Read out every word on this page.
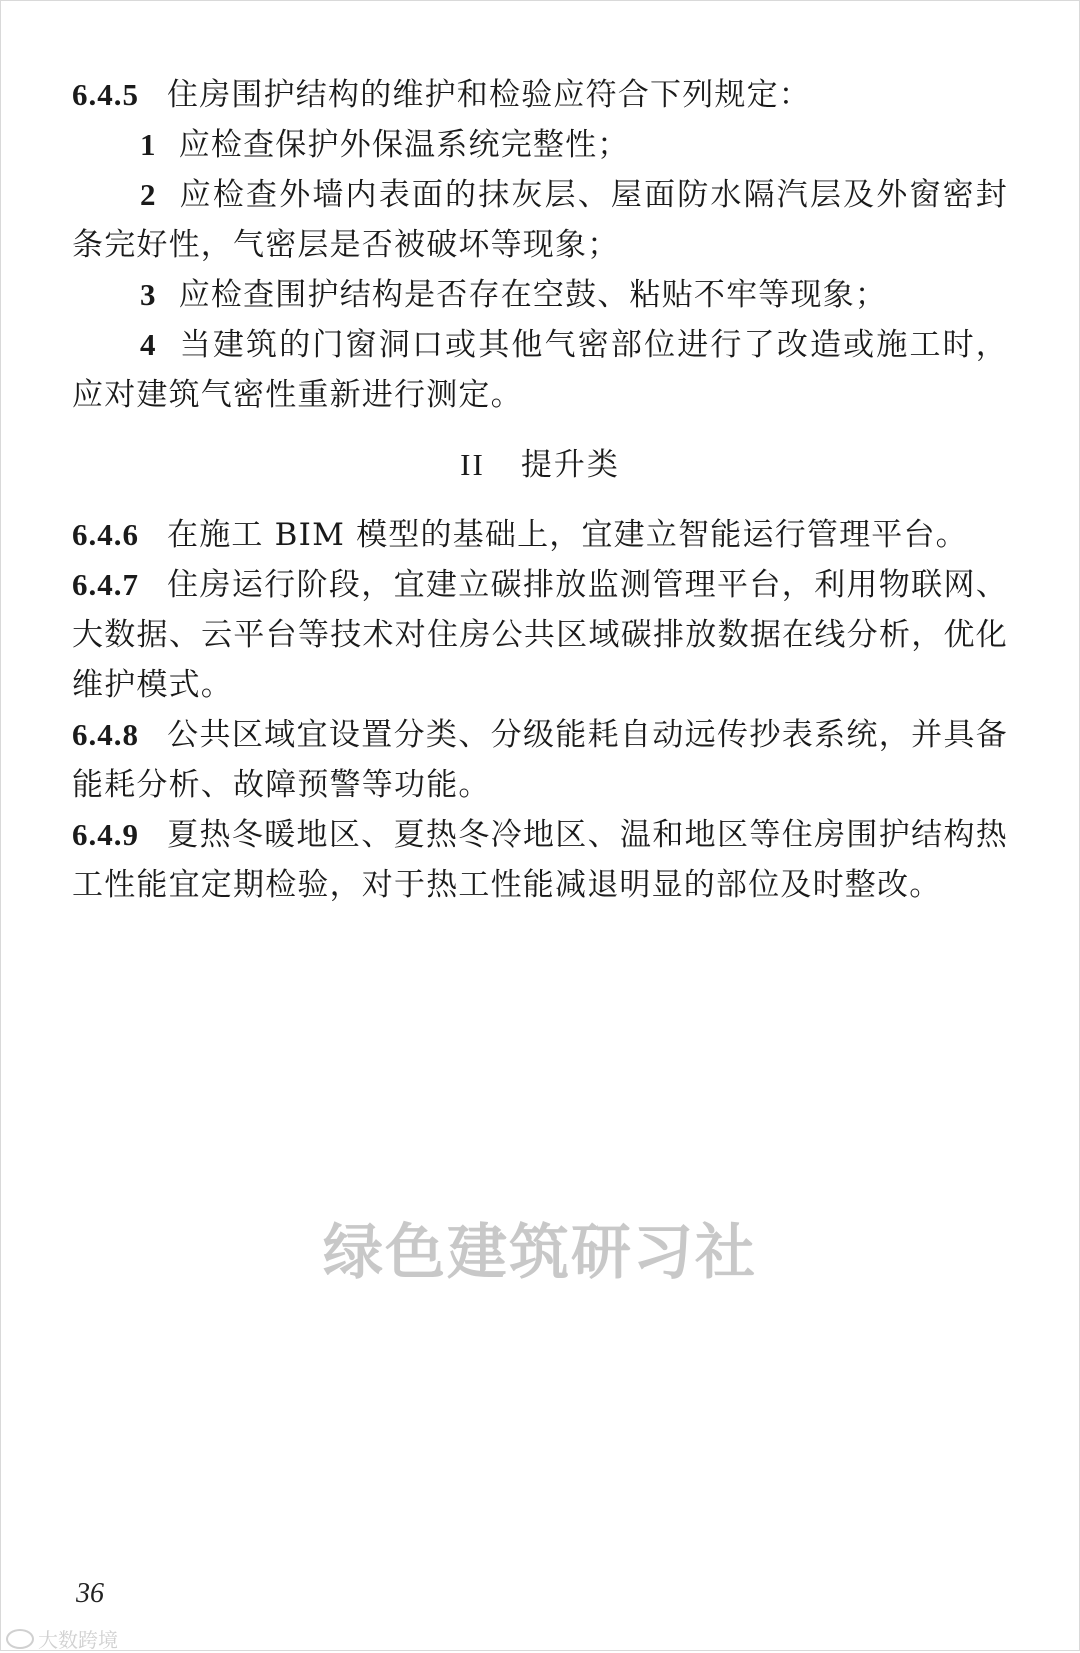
6.4.5 住房围护结构的维护和检验应符合下列规定：

1 应检查保护外保温系统完整性；

2 应检查外墙内表面的抹灰层、屋面防水隔汽层及外窗密封条完好性，气密层是否被破坏等现象；

3 应检查围护结构是否存在空鼓、粘贴不牢等现象；

4 当建筑的门窗洞口或其他气密部位进行了改造或施工时，应对建筑气密性重新进行测定。

II 提升类

6.4.6 在施工 BIM 模型的基础上，宜建立智能运行管理平台。

6.4.7 住房运行阶段，宜建立碳排放监测管理平台，利用物联网、大数据、云平台等技术对住房公共区域碳排放数据在线分析，优化维护模式。

6.4.8 公共区域宜设置分类、分级能耗自动远传抄表系统，并具备能耗分析、故障预警等功能。

6.4.9 夏热冬暖地区、夏热冬冷地区、温和地区等住房围护结构热工性能宜定期检验，对于热工性能减退明显的部位及时整改。

绿色建筑研习社
36
大数跨境
